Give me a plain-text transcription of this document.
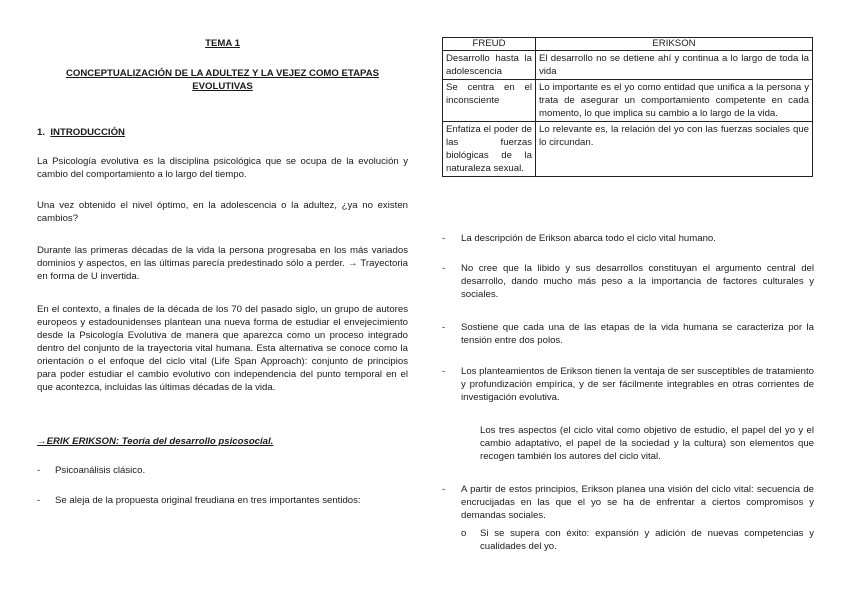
TEMA 1
CONCEPTUALIZACIÓN DE LA ADULTEZ Y LA VEJEZ COMO ETAPAS EVOLUTIVAS
1. INTRODUCCIÓN
La Psicología evolutiva es la disciplina psicológica que se ocupa de la evolución y cambio del comportamiento a lo largo del tiempo.
Una vez obtenido el nivel óptimo, en la adolescencia o la adultez, ¿ya no existen cambios?
Durante las primeras décadas de la vida la persona progresaba en los más variados dominios y aspectos, en las últimas parecía predestinado sólo a perder. → Trayectoria en forma de U invertida.
En el contexto, a finales de la década de los 70 del pasado siglo, un grupo de autores europeos y estadounidenses plantean una nueva forma de estudiar el envejecimiento desde la Psicología Evolutiva de manera que aparezca como un proceso integrado dentro del conjunto de la trayectoria vital humana. Esta alternativa se conoce como la orientación o el enfoque del ciclo vital (Life Span Approach): conjunto de principios para poder estudiar el cambio evolutivo con independencia del punto temporal en el que acontezca, incluidas las últimas décadas de la vida.
→ERIK ERIKSON: Teoría del desarrollo psicosocial.
- Psicoanálisis clásico.
- Se aleja de la propuesta original freudiana en tres importantes sentidos:
FREUD	ERIKSON
Desarrollo hasta la adolescencia	El desarrollo no se detiene ahí y continua a lo largo de toda la vida
Se centra en el inconsciente	Lo importante es el yo como entidad que unifica a la persona y trata de asegurar un comportamiento competente en cada momento, lo que implica su cambio a lo largo de la vida.
Enfatiza el poder de las fuerzas biológicas de la naturaleza sexual.	Lo relevante es, la relación del yo con las fuerzas sociales que lo circundan.
- La descripción de Erikson abarca todo el ciclo vital humano.
- No cree que la libido y sus desarrollos constituyan el argumento central del desarrollo, dando mucho más peso a la importancia de factores culturales y sociales.
- Sostiene que cada una de las etapas de la vida humana se caracteriza por la tensión entre dos polos.
- Los planteamientos de Erikson tienen la ventaja de ser susceptibles de tratamiento y profundización empírica, y de ser fácilmente integrables en otras corrientes de investigación evolutiva.
Los tres aspectos (el ciclo vital como objetivo de estudio, el papel del yo y el cambio adaptativo, el papel de la sociedad y la cultura) son elementos que recogen también los autores del ciclo vital.
- A partir de estos principios, Erikson planea una visión del ciclo vital: secuencia de encrucijadas en las que el yo se ha de enfrentar a ciertos compromisos y demandas sociales.
o Si se supera con éxito: expansión y adición de nuevas competencias y cualidades del yo.
